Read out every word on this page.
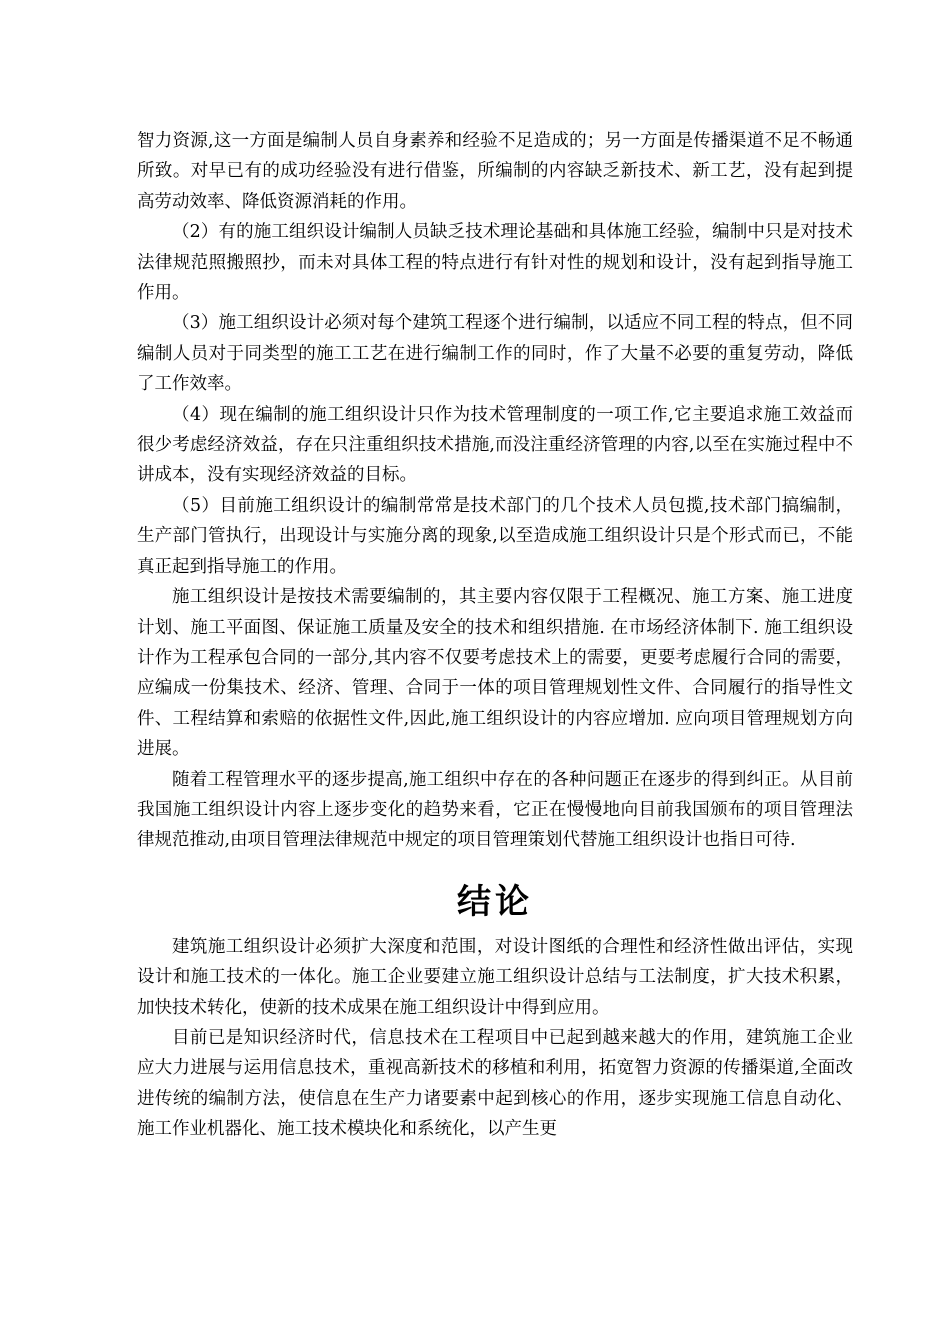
智力资源,这一方面是编制人员自身素养和经验不足造成的；另一方面是传播渠道不足不畅通所致。对早已有的成功经验没有进行借鉴，所编制的内容缺乏新技术、新工艺，没有起到提高劳动效率、降低资源消耗的作用。

（2）有的施工组织设计编制人员缺乏技术理论基础和具体施工经验，编制中只是对技术法律规范照搬照抄，而未对具体工程的特点进行有针对性的规划和设计，没有起到指导施工作用。

（3）施工组织设计必须对每个建筑工程逐个进行编制，以适应不同工程的特点，但不同编制人员对于同类型的施工工艺在进行编制工作的同时，作了大量不必要的重复劳动，降低了工作效率。

（4）现在编制的施工组织设计只作为技术管理制度的一项工作,它主要追求施工效益而很少考虑经济效益，存在只注重组织技术措施,而没注重经济管理的内容,以至在实施过程中不讲成本，没有实现经济效益的目标。

（5）目前施工组织设计的编制常常是技术部门的几个技术人员包揽,技术部门搞编制，生产部门管执行，出现设计与实施分离的现象,以至造成施工组织设计只是个形式而已，不能真正起到指导施工的作用。

施工组织设计是按技术需要编制的，其主要内容仅限于工程概况、施工方案、施工进度计划、施工平面图、保证施工质量及安全的技术和组织措施. 在市场经济体制下. 施工组织设计作为工程承包合同的一部分,其内容不仅要考虑技术上的需要，更要考虑履行合同的需要，应编成一份集技术、经济、管理、合同于一体的项目管理规划性文件、合同履行的指导性文件、工程结算和索赔的依据性文件,因此,施工组织设计的内容应增加. 应向项目管理规划方向进展。

随着工程管理水平的逐步提高,施工组织中存在的各种问题正在逐步的得到纠正。从目前我国施工组织设计内容上逐步变化的趋势来看，它正在慢慢地向目前我国颁布的项目管理法律规范推动,由项目管理法律规范中规定的项目管理策划代替施工组织设计也指日可待.

结论

建筑施工组织设计必须扩大深度和范围，对设计图纸的合理性和经济性做出评估，实现设计和施工技术的一体化。施工企业要建立施工组织设计总结与工法制度，扩大技术积累，加快技术转化，使新的技术成果在施工组织设计中得到应用。

目前已是知识经济时代，信息技术在工程项目中已起到越来越大的作用，建筑施工企业应大力进展与运用信息技术，重视高新技术的移植和利用，拓宽智力资源的传播渠道,全面改进传统的编制方法，使信息在生产力诸要素中起到核心的作用，逐步实现施工信息自动化、施工作业机器化、施工技术模块化和系统化，以产生更
